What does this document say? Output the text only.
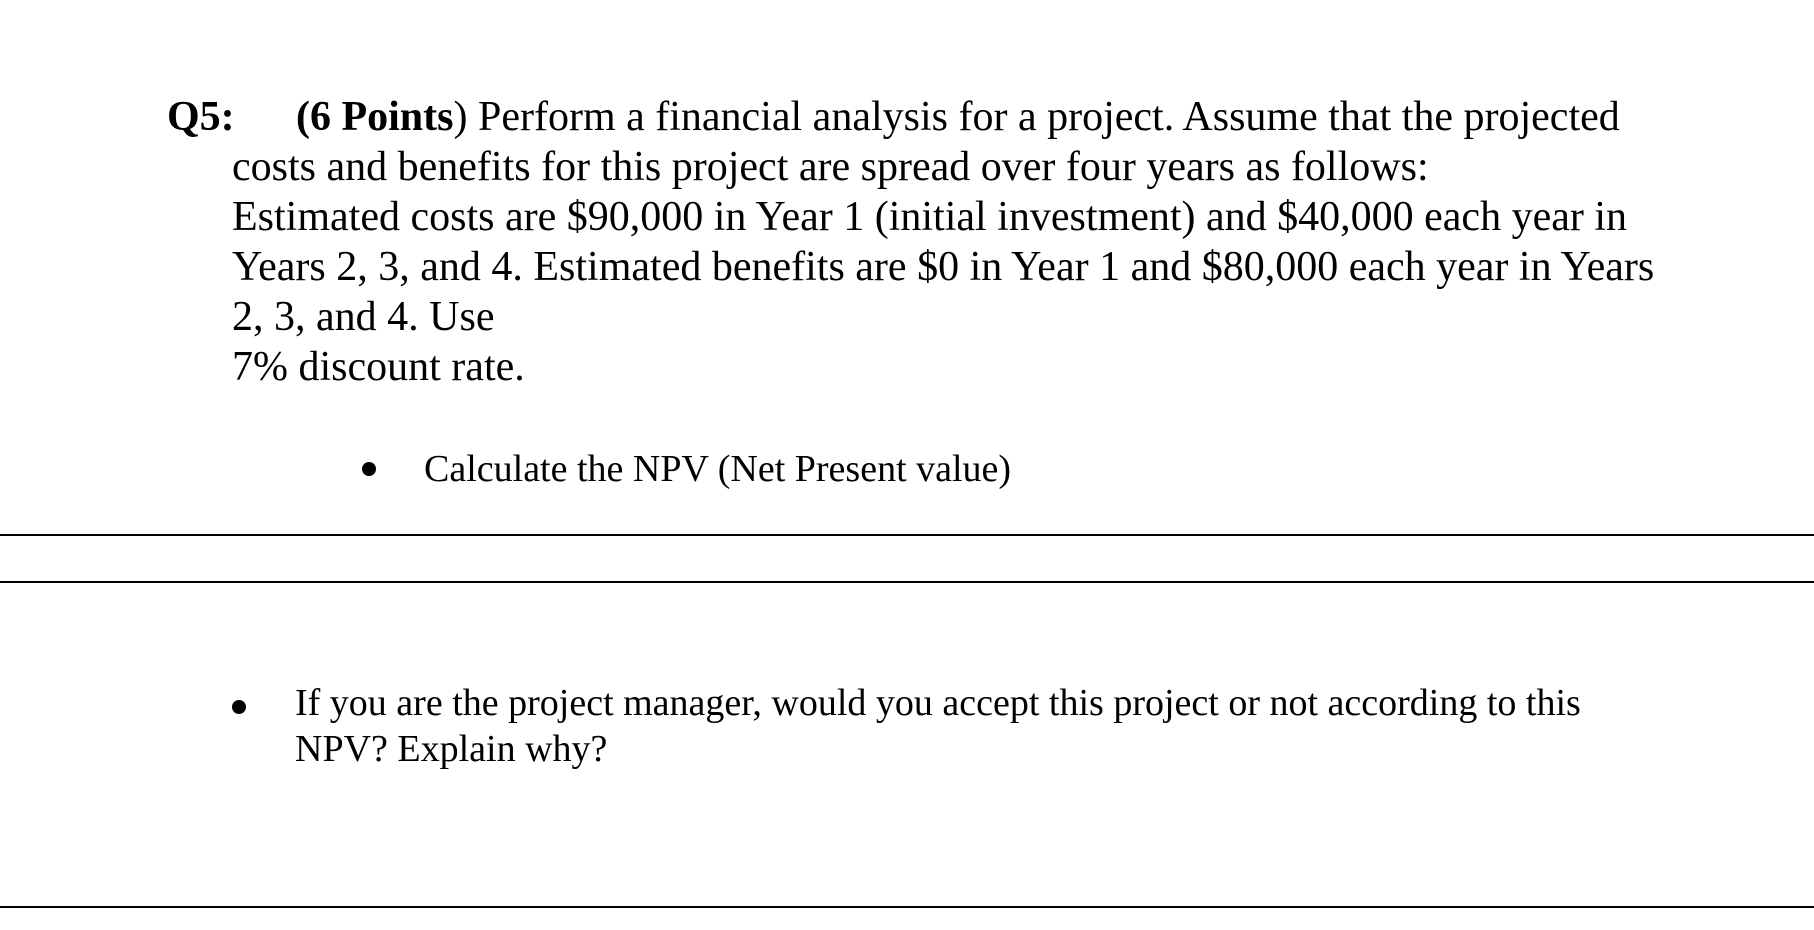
Q5: (6 Points) Perform a financial analysis for a project. Assume that the projected
costs and benefits for this project are spread over four years as follows:
Estimated costs are $90,000 in Year 1 (initial investment) and $40,000 each year in
Years 2, 3, and 4. Estimated benefits are $0 in Year 1 and $80,000 each year in Years
2, 3, and 4. Use
7% discount rate.
Calculate the NPV (Net Present value)
If you are the project manager, would you accept this project or not according to this
NPV? Explain why?
